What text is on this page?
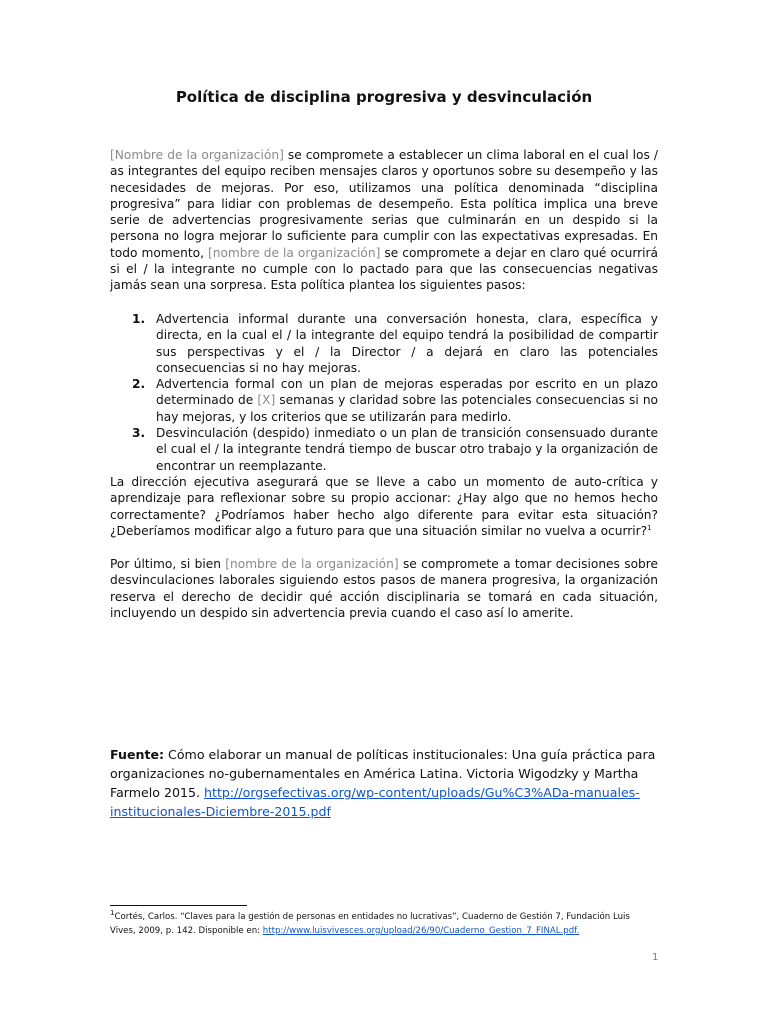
Política de disciplina progresiva y desvinculación
[Nombre de la organización] se compromete a establecer un clima laboral en el cual los / as integrantes del equipo reciben mensajes claros y oportunos sobre su desempeño y las necesidades de mejoras. Por eso, utilizamos una política denominada “disciplina progresiva” para lidiar con problemas de desempeño. Esta política implica una breve serie de advertencias progresivamente serias que culminarán en un despido si la persona no logra mejorar lo suficiente para cumplir con las expectativas expresadas. En todo momento, [nombre de la organización] se compromete a dejar en claro qué ocurrirá si el / la integrante no cumple con lo pactado para que las consecuencias negativas jamás sean una sorpresa. Esta política plantea los siguientes pasos:
1. Advertencia informal durante una conversación honesta, clara, específica y directa, en la cual el / la integrante del equipo tendrá la posibilidad de compartir sus perspectivas y el / la Director / a dejará en claro las potenciales consecuencias si no hay mejoras.
2. Advertencia formal con un plan de mejoras esperadas por escrito en un plazo determinado de [X] semanas y claridad sobre las potenciales consecuencias si no hay mejoras, y los criterios que se utilizarán para medirlo.
3. Desvinculación (despido) inmediato o un plan de transición consensuado durante el cual el / la integrante tendrá tiempo de buscar otro trabajo y la organización de encontrar un reemplazante.
La dirección ejecutiva asegurará que se lleve a cabo un momento de auto-crítica y aprendizaje para reflexionar sobre su propio accionar: ¿Hay algo que no hemos hecho correctamente? ¿Podríamos haber hecho algo diferente para evitar esta situación? ¿Deberíamos modificar algo a futuro para que una situación similar no vuelva a ocurrir?$^1$
Por último, si bien [nombre de la organización] se compromete a tomar decisiones sobre desvinculaciones laborales siguiendo estos pasos de manera progresiva, la organización reserva el derecho de decidir qué acción disciplinaria se tomará en cada situación, incluyendo un despido sin advertencia previa cuando el caso así lo amerite.
Fuente: Cómo elaborar un manual de políticas institucionales: Una guía práctica para organizaciones no-gubernamentales en América Latina. Victoria Wigodzky y Martha Farmelo 2015. http://orgsefectivas.org/wp-content/uploads/Gu%C3%ADa-manuales-institucionales-Diciembre-2015.pdf
$^1$Cortés, Carlos. “Claves para la gestión de personas en entidades no lucrativas”, Cuaderno de Gestión 7, Fundación Luis Vives, 2009, p. 142. Disponible en: http://www.luisvivesces.org/upload/26/90/Cuaderno_Gestion_7_FINAL.pdf.
1
